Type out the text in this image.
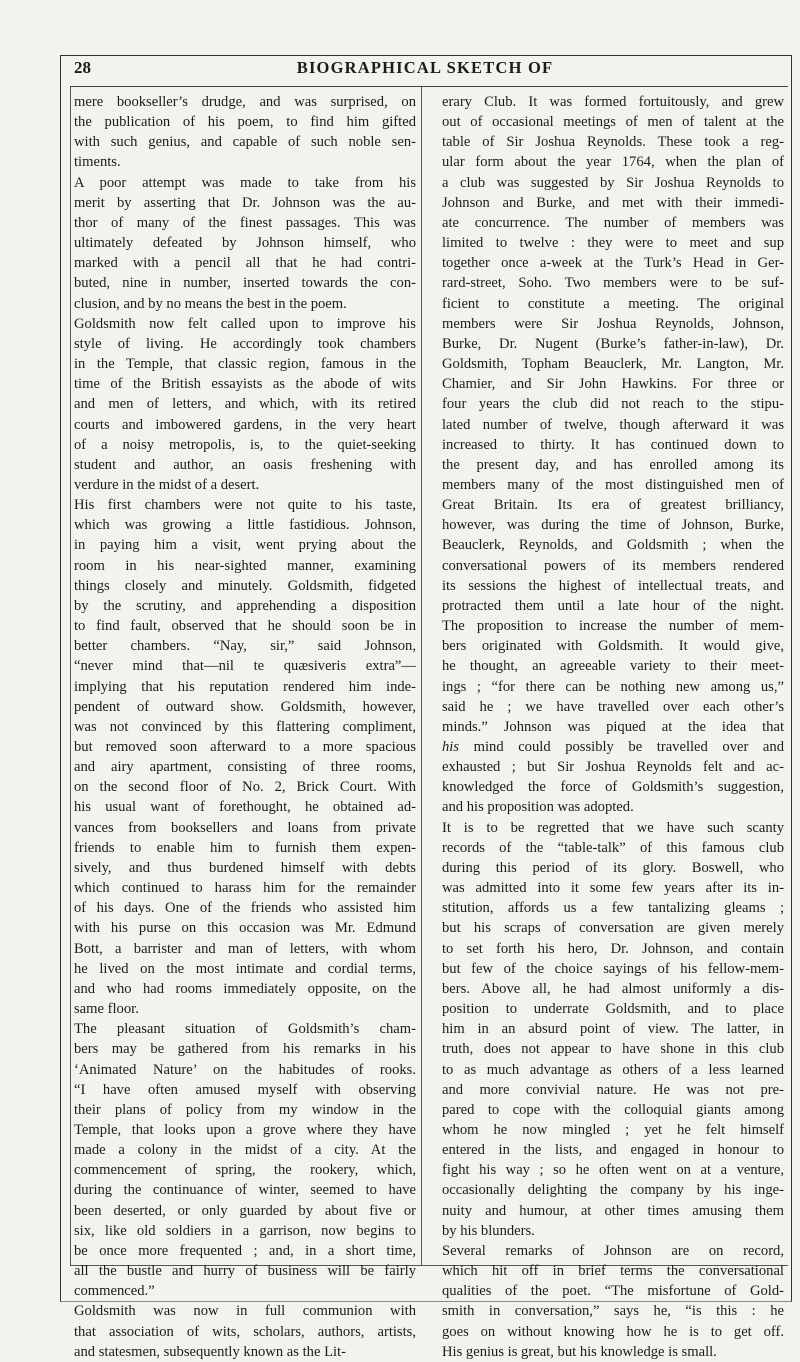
28	BIOGRAPHICAL SKETCH OF

mere bookseller’s drudge, and was surprised, on
the publication of his poem, to find him gifted
with such genius, and capable of such noble sen-
timents.

A poor attempt was made to take from his
merit by asserting that Dr. Johnson was the au-
thor of many of the finest passages. This was
ultimately defeated by Johnson himself, who
marked with a pencil all that he had contri-
buted, nine in number, inserted towards the con-
clusion, and by no means the best in the poem.

Goldsmith now felt called upon to improve his
style of living. He accordingly took chambers
in the Temple, that classic region, famous in the
time of the British essayists as the abode of wits
and men of letters, and which, with its retired
courts and imbowered gardens, in the very heart
of a noisy metropolis, is, to the quiet-seeking
student and author, an oasis freshening with
verdure in the midst of a desert.

His first chambers were not quite to his taste,
which was growing a little fastidious. Johnson,
in paying him a visit, went prying about the
room in his near-sighted manner, examining
things closely and minutely. Goldsmith, fidgeted
by the scrutiny, and apprehending a disposition
to find fault, observed that he should soon be in
better chambers. “Nay, sir,” said Johnson,
“never mind that—nil te quæsiveris extra”—
implying that his reputation rendered him inde-
pendent of outward show. Goldsmith, however,
was not convinced by this flattering compliment,
but removed soon afterward to a more spacious
and airy apartment, consisting of three rooms,
on the second floor of No. 2, Brick Court. With
his usual want of forethought, he obtained ad-
vances from booksellers and loans from private
friends to enable him to furnish them expen-
sively, and thus burdened himself with debts
which continued to harass him for the remainder
of his days. One of the friends who assisted him
with his purse on this occasion was Mr. Edmund
Bott, a barrister and man of letters, with whom
he lived on the most intimate and cordial terms,
and who had rooms immediately opposite, on the
same floor.

The pleasant situation of Goldsmith’s cham-
bers may be gathered from his remarks in his
‘Animated Nature’ on the habitudes of rooks.
“I have often amused myself with observing
their plans of policy from my window in the
Temple, that looks upon a grove where they have
made a colony in the midst of a city. At the
commencement of spring, the rookery, which,
during the continuance of winter, seemed to have
been deserted, or only guarded by about five or
six, like old soldiers in a garrison, now begins to
be once more frequented ; and, in a short time,
all the bustle and hurry of business will be fairly
commenced.”

Goldsmith was now in full communion with
that association of wits, scholars, authors, artists,
and statesmen, subsequently known as the Lit-

erary Club. It was formed fortuitously, and grew
out of occasional meetings of men of talent at the
table of Sir Joshua Reynolds. These took a reg-
ular form about the year 1764, when the plan of
a club was suggested by Sir Joshua Reynolds to
Johnson and Burke, and met with their immedi-
ate concurrence. The number of members was
limited to twelve : they were to meet and sup
together once a-week at the Turk’s Head in Ger-
rard-street, Soho. Two members were to be suf-
ficient to constitute a meeting. The original
members were Sir Joshua Reynolds, Johnson,
Burke, Dr. Nugent (Burke’s father-in-law), Dr.
Goldsmith, Topham Beauclerk, Mr. Langton, Mr.
Chamier, and Sir John Hawkins. For three or
four years the club did not reach to the stipu-
lated number of twelve, though afterward it was
increased to thirty. It has continued down to
the present day, and has enrolled among its
members many of the most distinguished men of
Great Britain. Its era of greatest brilliancy,
however, was during the time of Johnson, Burke,
Beauclerk, Reynolds, and Goldsmith ; when the
conversational powers of its members rendered
its sessions the highest of intellectual treats, and
protracted them until a late hour of the night.
The proposition to increase the number of mem-
bers originated with Goldsmith. It would give,
he thought, an agreeable variety to their meet-
ings ; “for there can be nothing new among us,”
said he ; we have travelled over each other’s
minds.” Johnson was piqued at the idea that
his mind could possibly be travelled over and
exhausted ; but Sir Joshua Reynolds felt and ac-
knowledged the force of Goldsmith’s suggestion,
and his proposition was adopted.

It is to be regretted that we have such scanty
records of the “table-talk” of this famous club
during this period of its glory. Boswell, who
was admitted into it some few years after its in-
stitution, affords us a few tantalizing gleams ;
but his scraps of conversation are given merely
to set forth his hero, Dr. Johnson, and contain
but few of the choice sayings of his fellow-mem-
bers. Above all, he had almost uniformly a dis-
position to underrate Goldsmith, and to place
him in an absurd point of view. The latter, in
truth, does not appear to have shone in this club
to as much advantage as others of a less learned
and more convivial nature. He was not pre-
pared to cope with the colloquial giants among
whom he now mingled ; yet he felt himself
entered in the lists, and engaged in honour to
fight his way ; so he often went on at a venture,
occasionally delighting the company by his inge-
nuity and humour, at other times amusing them
by his blunders.

Several remarks of Johnson are on record,
which hit off in brief terms the conversational
qualities of the poet. “The misfortune of Gold-
smith in conversation,” says he, “is this : he
goes on without knowing how he is to get off.
His genius is great, but his knowledge is small.
